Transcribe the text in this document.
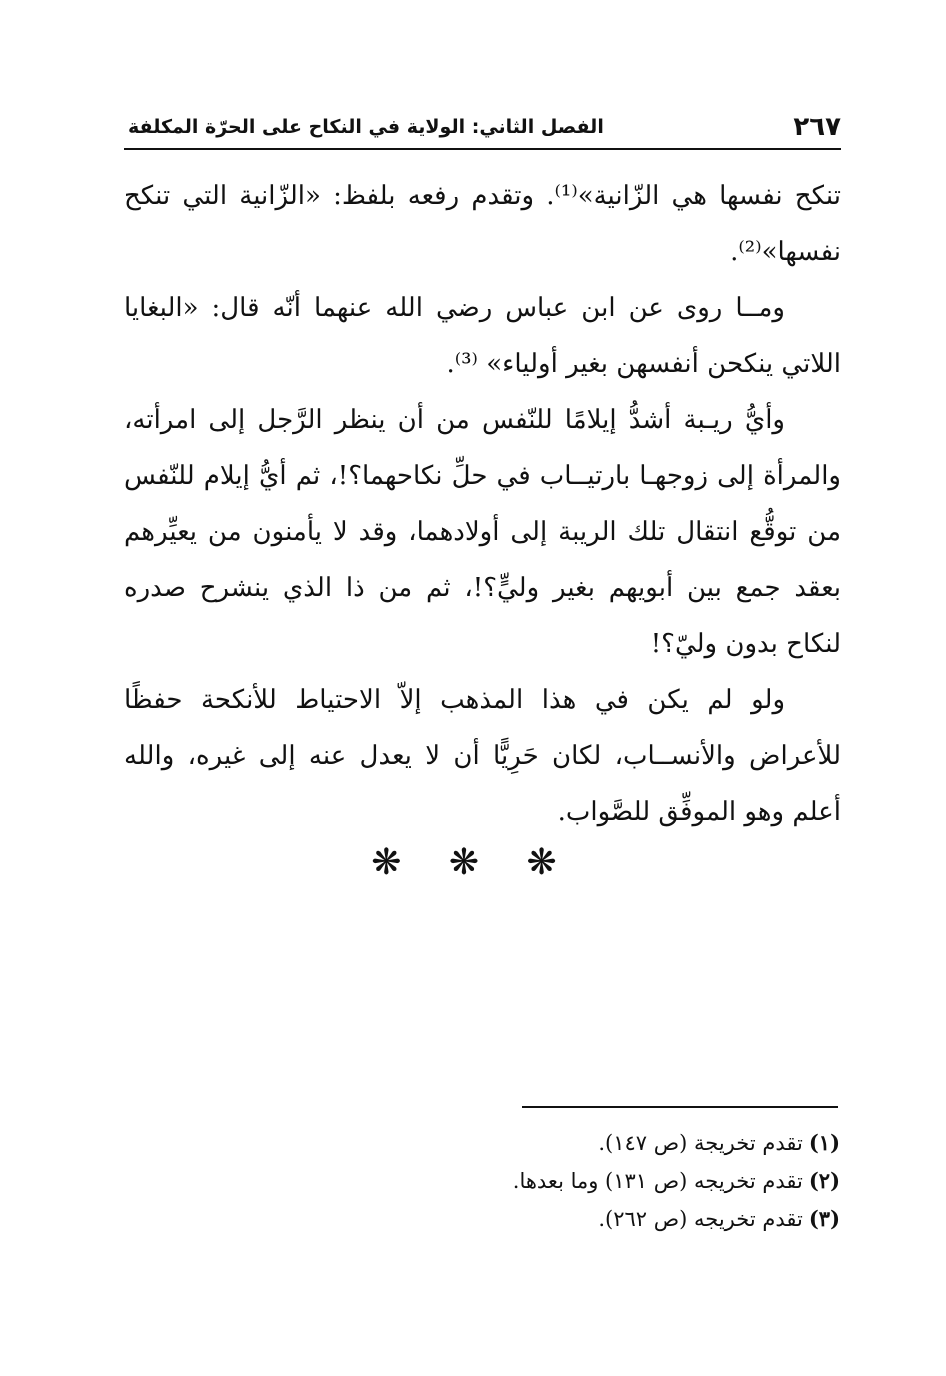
٢٦٧
الفصل الثاني: الولاية في النكاح على الحرّة المكلفة

تنكح نفسها هي الزّانية»⁽¹⁾. وتقدم رفعه بلفظ: «الزّانية التي تنكح نفسها»⁽²⁾.

ومــا روى عن ابن عباس رضي الله عنهما أنّه قال: «البغايا اللاتي ينكحن أنفسهن بغير أولياء» ⁽³⁾.

وأيُّ ريـبة أشدُّ إيلامًا للنّفس من أن ينظر الرَّجل إلى امرأته، والمرأة إلى زوجهـا بارتيــاب في حلِّ نكاحهما؟!، ثم أيُّ إيلام للنّفس من توقُّع انتقال تلك الريبة إلى أولادهما، وقد لا يأمنون من يعيِّرهم بعقد جمع بين أبويهم بغير وليٍّ؟!، ثم من ذا الذي ينشرح صدره لنكاح بدون وليّ؟!

ولو لم يكن في هذا المذهب إلاّ الاحتياط للأنكحة حفظًا للأعراض والأنســاب، لكان حَرِيًّا أن لا يعدل عنه إلى غيره، والله أعلم وهو الموفِّق للصَّواب.

❋ ❋ ❋
(١)تقدم تخريجة (ص ١٤٧).
(٢)تقدم تخريجه (ص ١٣١) وما بعدها.
(٣)تقدم تخريجه (ص ٢٦٢).
